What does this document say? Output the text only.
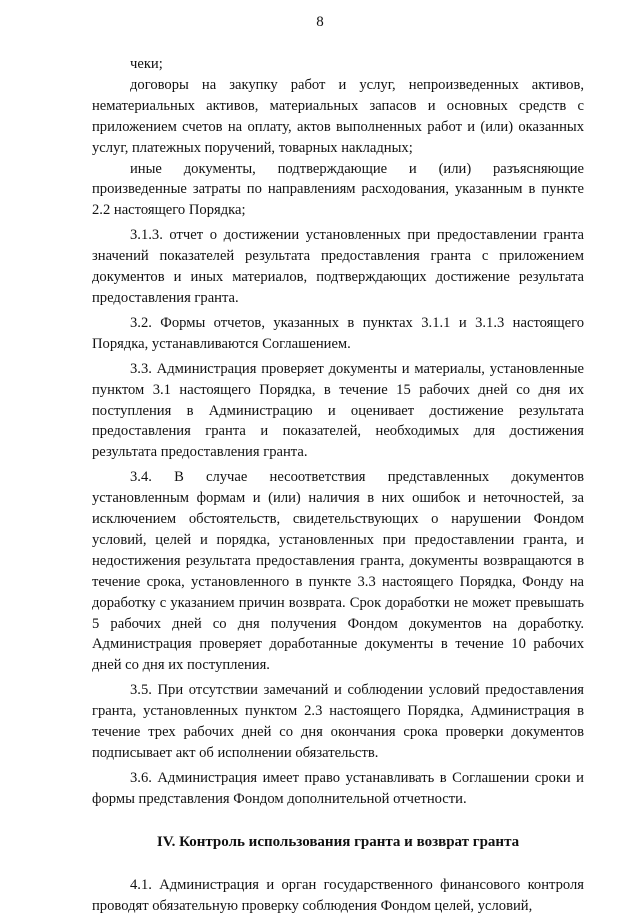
8

чеки;

договоры на закупку работ и услуг, непроизведенных активов, нематериальных активов, материальных запасов и основных средств с приложением счетов на оплату, актов выполненных работ и (или) оказанных услуг, платежных поручений, товарных накладных;

иные документы, подтверждающие и (или) разъясняющие произведенные затраты по направлениям расходования, указанным в пункте 2.2 настоящего Порядка;

3.1.3. отчет о достижении установленных при предоставлении гранта значений показателей результата предоставления гранта с приложением документов и иных материалов, подтверждающих достижение результата предоставления гранта.

3.2. Формы отчетов, указанных в пунктах 3.1.1 и 3.1.3 настоящего Порядка, устанавливаются Соглашением.

3.3. Администрация проверяет документы и материалы, установленные пунктом 3.1 настоящего Порядка, в течение 15 рабочих дней со дня их поступления в Администрацию и оценивает достижение результата предоставления гранта и показателей, необходимых для достижения результата предоставления гранта.

3.4. В случае несоответствия представленных документов установленным формам и (или) наличия в них ошибок и неточностей, за исключением обстоятельств, свидетельствующих о нарушении Фондом условий, целей и порядка, установленных при предоставлении гранта, и недостижения результата предоставления гранта, документы возвращаются в течение срока, установленного в пункте 3.3 настоящего Порядка, Фонду на доработку с указанием причин возврата. Срок доработки не может превышать 5 рабочих дней со дня получения Фондом документов на доработку. Администрация проверяет доработанные документы в течение 10 рабочих дней со дня их поступления.

3.5. При отсутствии замечаний и соблюдении условий предоставления гранта, установленных пунктом 2.3 настоящего Порядка, Администрация в течение трех рабочих дней со дня окончания срока проверки документов подписывает акт об исполнении обязательств.

3.6. Администрация имеет право устанавливать в Соглашении сроки и формы представления Фондом дополнительной отчетности.

IV. Контроль использования гранта и возврат гранта

4.1. Администрация и орган государственного финансового контроля проводят обязательную проверку соблюдения Фондом целей, условий,
